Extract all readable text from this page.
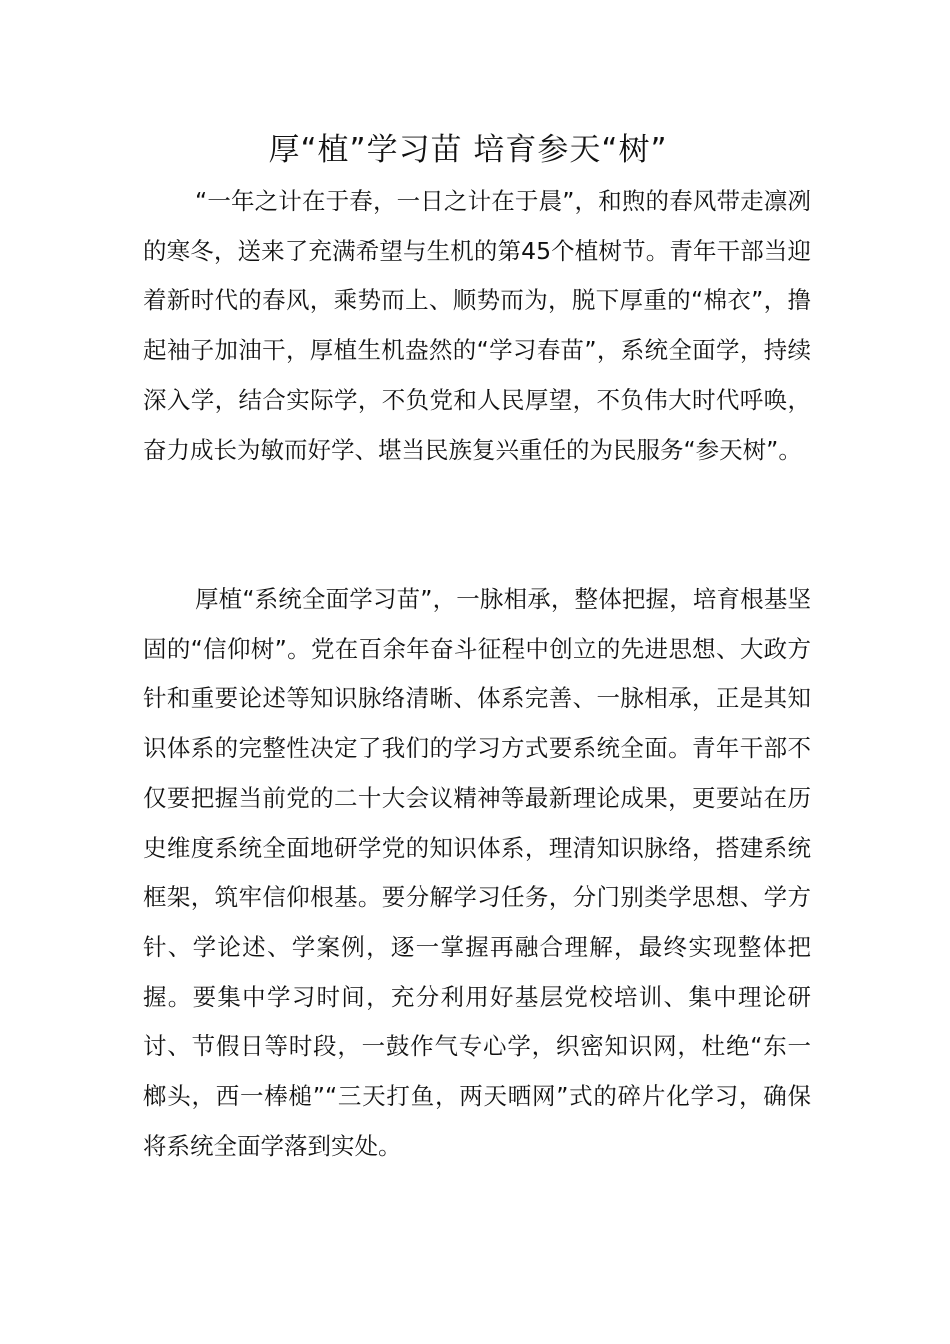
厚“植”学习苗 培育参天“树”

“一年之计在于春，一日之计在于晨”，和煦的春风带走凛冽的寒冬，送来了充满希望与生机的第45个植树节。青年干部当迎着新时代的春风，乘势而上、顺势而为，脱下厚重的“棉衣”，撸起袖子加油干，厚植生机盎然的“学习春苗”，系统全面学，持续深入学，结合实际学，不负党和人民厚望，不负伟大时代呼唤，奋力成长为敏而好学、堪当民族复兴重任的为民服务“参天树”。

厚植“系统全面学习苗”，一脉相承，整体把握，培育根基坚固的“信仰树”。党在百余年奋斗征程中创立的先进思想、大政方针和重要论述等知识脉络清晰、体系完善、一脉相承，正是其知识体系的完整性决定了我们的学习方式要系统全面。青年干部不仅要把握当前党的二十大会议精神等最新理论成果，更要站在历史维度系统全面地研学党的知识体系，理清知识脉络，搭建系统框架，筑牢信仰根基。要分解学习任务，分门别类学思想、学方针、学论述、学案例，逐一掌握再融合理解，最终实现整体把握。要集中学习时间，充分利用好基层党校培训、集中理论研讨、节假日等时段，一鼓作气专心学，织密知识网，杜绝“东一榔头，西一棒槌”“三天打鱼，两天晒网”式的碎片化学习，确保将系统全面学落到实处。
